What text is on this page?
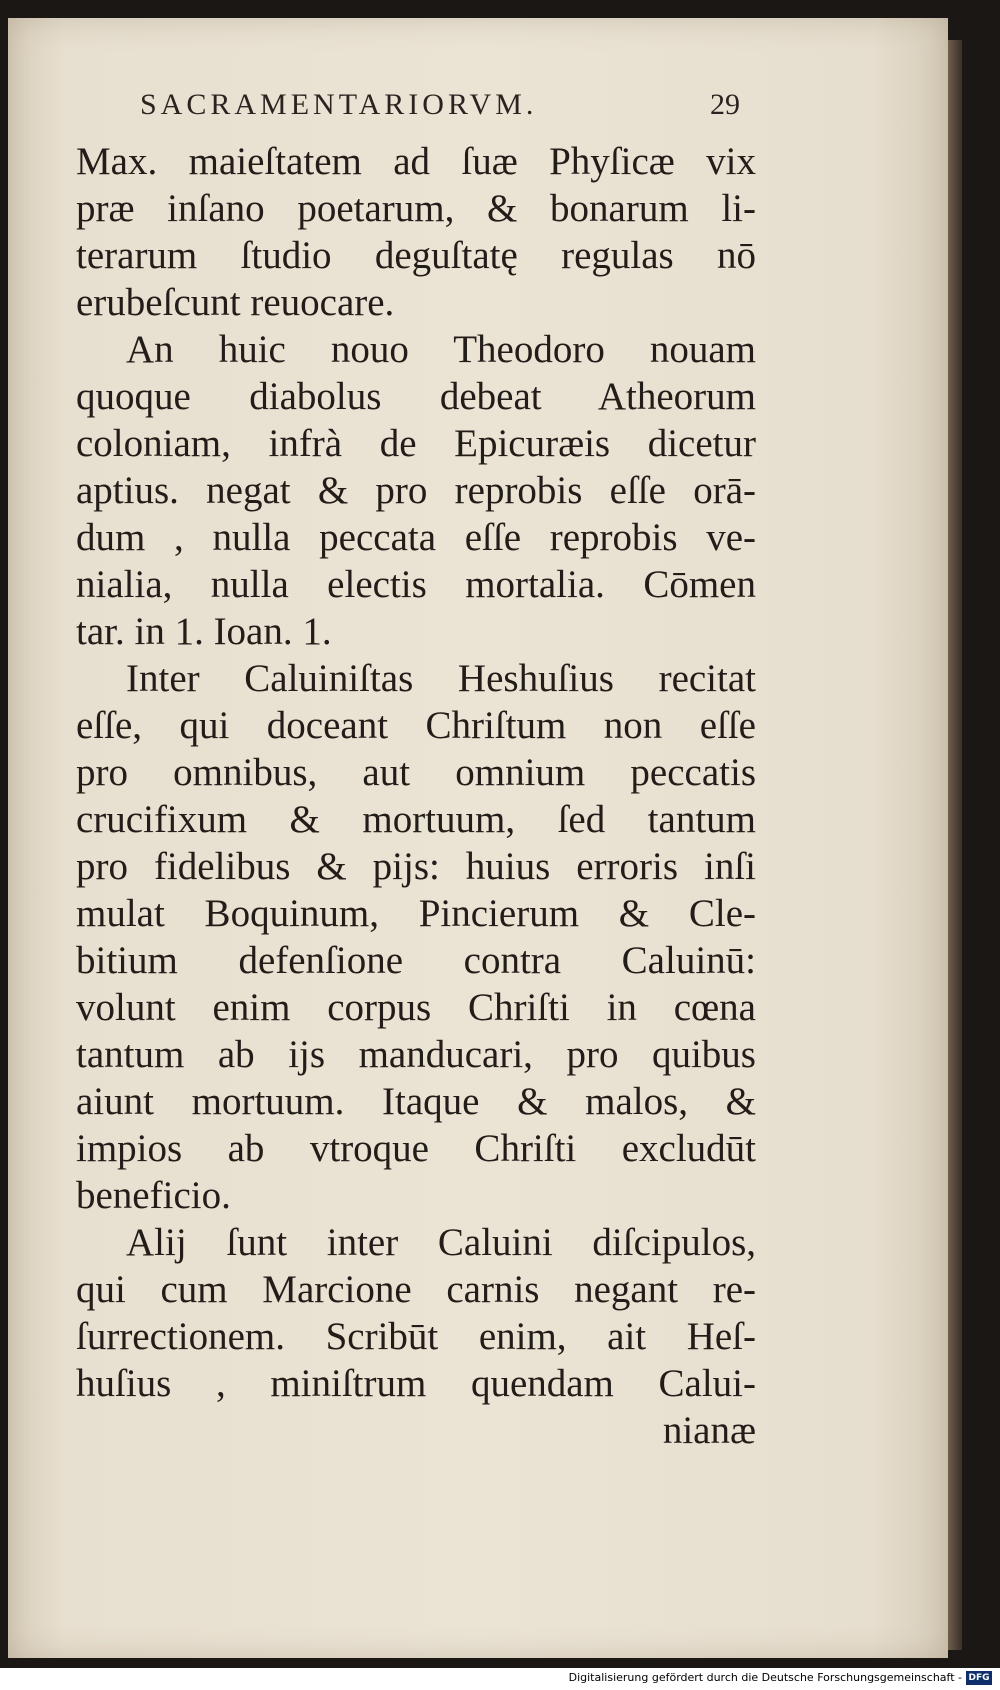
SACRAMENTARIORVM.	29
Max. maieſtatem ad ſuæ Phyſicæ vix
præ inſano poetarum, & bonarum li-
terarum ſtudio deguſtatę regulas nō
erubeſcunt reuocare.
An huic nouo Theodoro nouam
quoque diabolus debeat Atheorum
coloniam, infrà de Epicuræis dicetur
aptius. negat & pro reprobis eſſe orā-
dum , nulla peccata eſſe reprobis ve-
nialia, nulla electis mortalia. Cōmen
tar. in 1. Ioan. 1.
Inter Caluiniſtas Heshuſius recitat
eſſe, qui doceant Chriſtum non eſſe
pro omnibus, aut omnium peccatis
crucifixum & mortuum, ſed tantum
pro fidelibus & pijs: huius erroris inſi
mulat Boquinum, Pincierum & Cle-
bitium defenſione contra Caluinū:
volunt enim corpus Chriſti in cœna
tantum ab ijs manducari, pro quibus
aiunt mortuum. Itaque & malos, &
impios ab vtroque Chriſti excludūt
beneficio.
Alij ſunt inter Caluini diſcipulos,
qui cum Marcione carnis negant re-
ſurrectionem. Scribūt enim, ait Heſ-
huſius , miniſtrum quendam Calui-
nianæ
Digitalisierung gefördert durch die Deutsche Forschungsgemeinschaft - DFG
